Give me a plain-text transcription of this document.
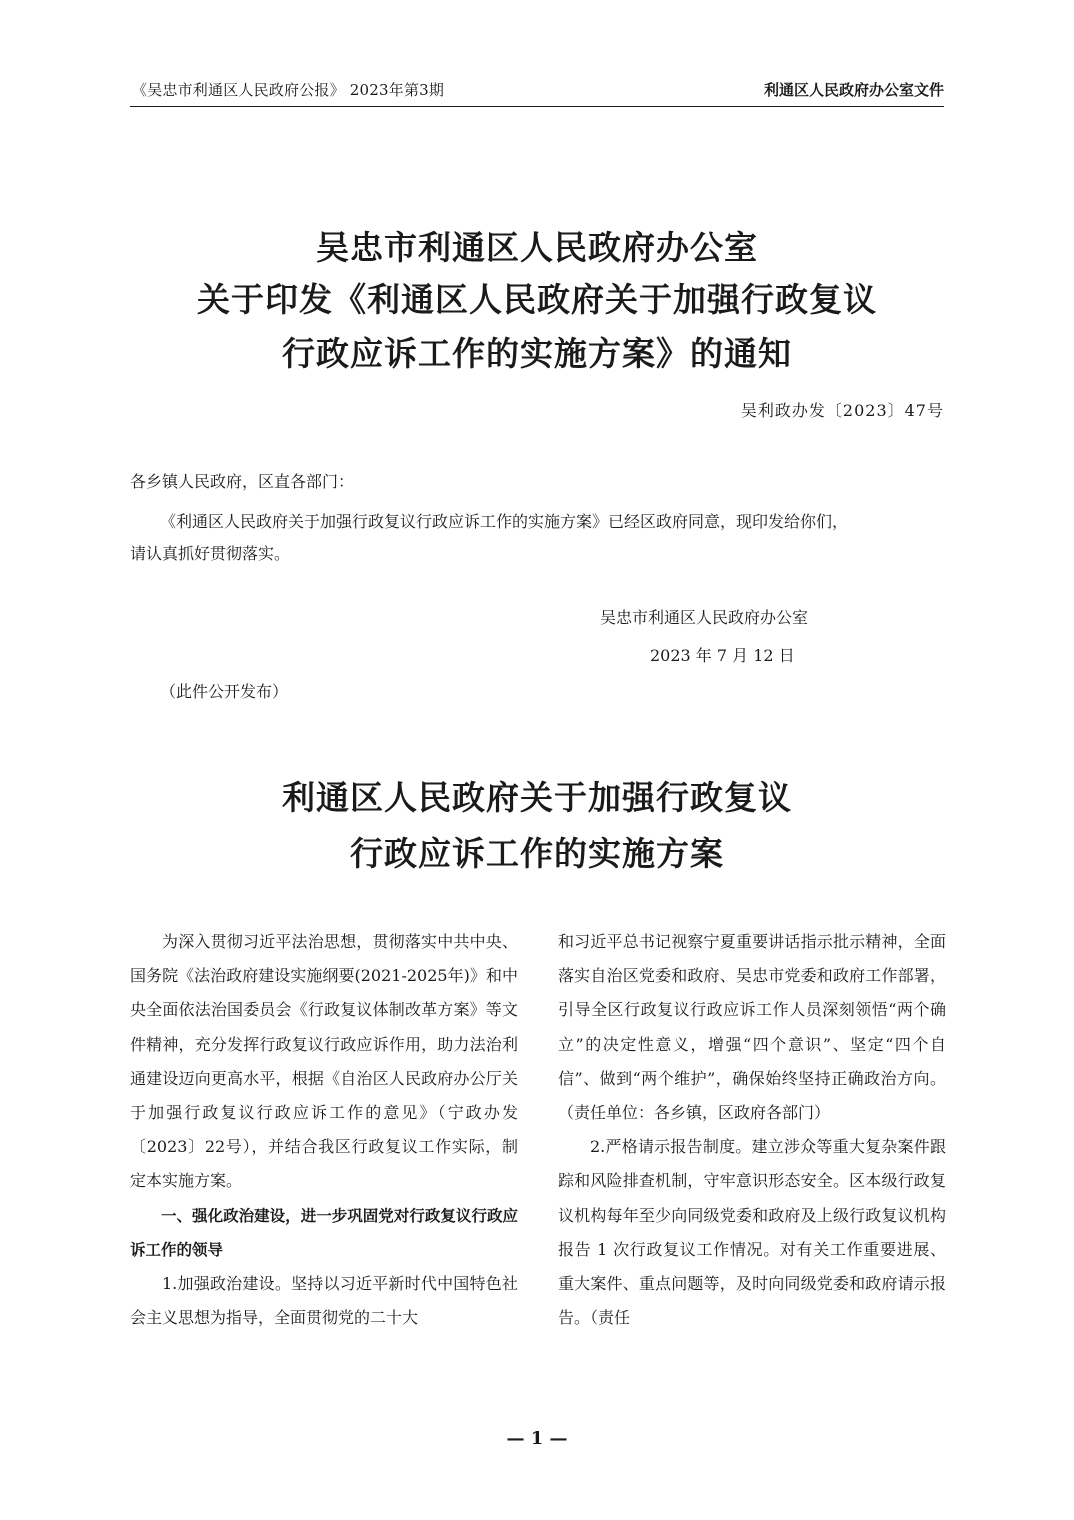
《吴忠市利通区人民政府公报》 2023年第3期	利通区人民政府办公室文件
吴忠市利通区人民政府办公室
关于印发《利通区人民政府关于加强行政复议
行政应诉工作的实施方案》的通知
吴利政办发〔2023〕47号
各乡镇人民政府，区直各部门：
《利通区人民政府关于加强行政复议行政应诉工作的实施方案》已经区政府同意，现印发给你们，
请认真抓好贯彻落实。
吴忠市利通区人民政府办公室
2023 年 7 月 12 日
（此件公开发布）
利通区人民政府关于加强行政复议
行政应诉工作的实施方案

为深入贯彻习近平法治思想，贯彻落实中共中央、国务院《法治政府建设实施纲要(2021-2025年)》和中央全面依法治国委员会《行政复议体制改革方案》等文件精神，充分发挥行政复议行政应诉作用，助力法治利通建设迈向更高水平，根据《自治区人民政府办公厅关于加强行政复议行政应诉工作的意见》（宁政办发〔2023〕22号），并结合我区行政复议工作实际，制定本实施方案。

一、强化政治建设，进一步巩固党对行政复议行政应诉工作的领导

1.加强政治建设。坚持以习近平新时代中国特色社会主义思想为指导，全面贯彻党的二十大

和习近平总书记视察宁夏重要讲话指示批示精神，全面落实自治区党委和政府、吴忠市党委和政府工作部署，引导全区行政复议行政应诉工作人员深刻领悟“两个确立”的决定性意义，增强“四个意识”、坚定“四个自信”、做到“两个维护”，确保始终坚持正确政治方向。（责任单位：各乡镇，区政府各部门）

2.严格请示报告制度。建立涉众等重大复杂案件跟踪和风险排查机制，守牢意识形态安全。区本级行政复议机构每年至少向同级党委和政府及上级行政复议机构报告 1 次行政复议工作情况。对有关工作重要进展、重大案件、重点问题等，及时向同级党委和政府请示报告。（责任

— 1 —
